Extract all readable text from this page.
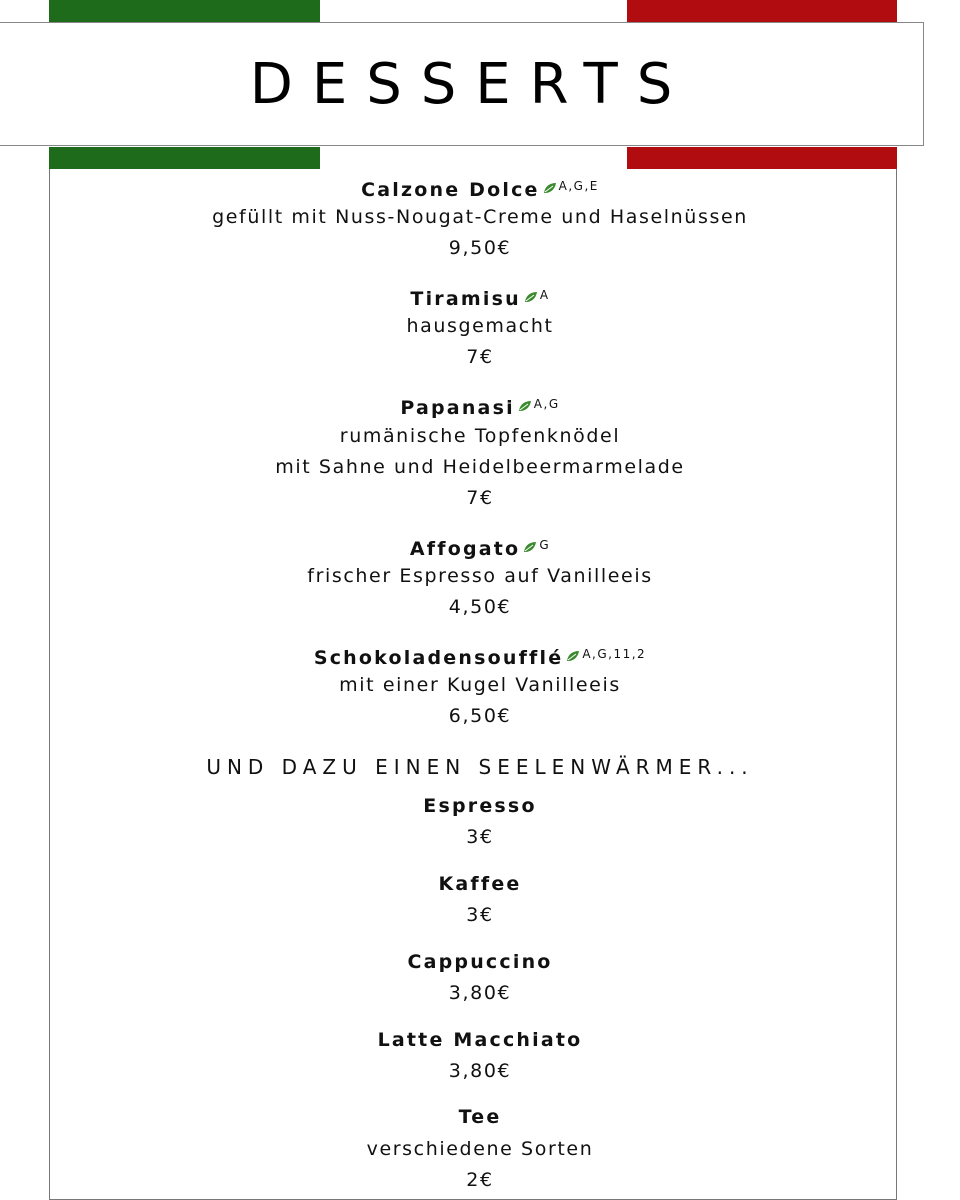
DESSERTS
Calzone Dolce $^{A,G,E}$
gefüllt mit Nuss-Nougat-Creme und Haselnüssen
9,50€
Tiramisu $^A$
hausgemacht
7€
Papanasi $^{A,G}$
rumänische Topfenknödel
mit Sahne und Heidelbeermarmelade
7€
Affogato $^G$
frischer Espresso auf Vanilleeis
4,50€
Schokoladensoufflé $^{A,G,11,2}$
mit einer Kugel Vanilleeis
6,50€
UND DAZU EINEN SEELENWÄRMER...
Espresso
3€
Kaffee
3€
Cappuccino
3,80€
Latte Macchiato
3,80€
Tee
verschiedene Sorten
2€
